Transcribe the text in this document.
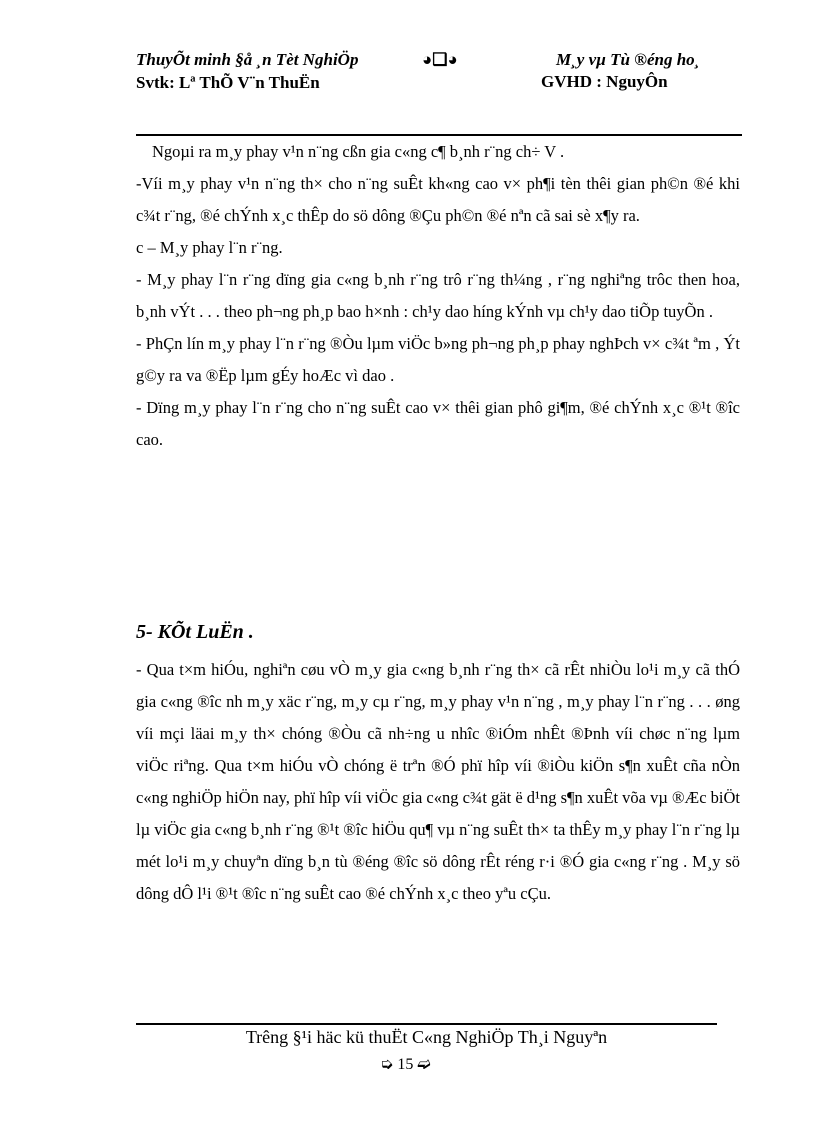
ThuyÕt minh §å ¸n Tèt NghiÖp	◕❑◕	M¸y vµ Tù ®éng ho¸
Svtk: Lª ThÕ V¨n ThuËn	GVHD : NguyÔn

Ngoµi ra m¸y phay v¹n n¨ng cßn gia c«ng c¶ b¸nh r¨ng ch÷ V .

-Víi m¸y phay v¹n n¨ng th× cho n¨ng suÊt kh«ng cao v× ph¶i tèn thêi gian ph©n ®é khi c¾t r¨ng, ®é chÝnh x¸c thÊp do sö dông ®Çu ph©n ®é nªn cã sai sè x¶y ra.

c – M¸y phay l¨n r¨ng.

- M¸y phay l¨n r¨ng dïng gia c«ng b¸nh r¨ng trô r¨ng th¼ng , r¨ng nghiªng trôc then hoa, b¸nh vÝt . . . theo ph¬ng ph¸p bao h×nh : ch¹y dao híng kÝnh vµ ch¹y dao tiÕp tuyÕn .

- PhÇn lín m¸y phay l¨n r¨ng ®Òu lµm viÖc b»ng ph¬ng ph¸p phay nghÞch v× c¾t ªm , Ýt g©y ra va ®Ëp lµm gÉy hoÆc vì dao .

- Dïng m¸y phay l¨n r¨ng cho n¨ng suÊt cao v× thêi gian phô gi¶m, ®é chÝnh x¸c ®¹t ®îc cao.

5- KÕt LuËn .

- Qua t×m hiÓu, nghiªn cøu vÒ m¸y gia c«ng b¸nh r¨ng th× cã rÊt nhiÒu lo¹i m¸y cã thÓ gia c«ng ®îc nh m¸y xäc r¨ng, m¸y cµ r¨ng, m¸y phay v¹n n¨ng , m¸y phay l¨n r¨ng . . . øng víi mçi läai m¸y th× chóng ®Òu cã nh÷ng u nhîc ®iÓm nhÊt ®Þnh víi chøc n¨ng lµm viÖc riªng. Qua t×m hiÓu vÒ chóng ë trªn ®Ó phï hîp víi ®iÒu kiÖn s¶n xuÊt cña nÒn c«ng nghiÖp hiÖn nay, phï hîp víi viÖc gia c«ng c¾t gät ë d¹ng s¶n xuÊt võa vµ ®Æc biÖt lµ viÖc gia c«ng b¸nh r¨ng ®¹t ®îc hiÖu qu¶ vµ n¨ng suÊt th× ta thÊy m¸y phay l¨n r¨ng lµ mét lo¹i m¸y chuyªn dïng b¸n tù ®éng ®îc sö dông rÊt réng r·i ®Ó gia c«ng r¨ng . M¸y sö dông dÔ l¹i ®¹t ®îc n¨ng suÊt cao ®é chÝnh x¸c theo yªu cÇu.

Trêng §¹i häc kü thuËt C«ng NghiÖp Th¸i Nguyªn
➭ 15 ➫
